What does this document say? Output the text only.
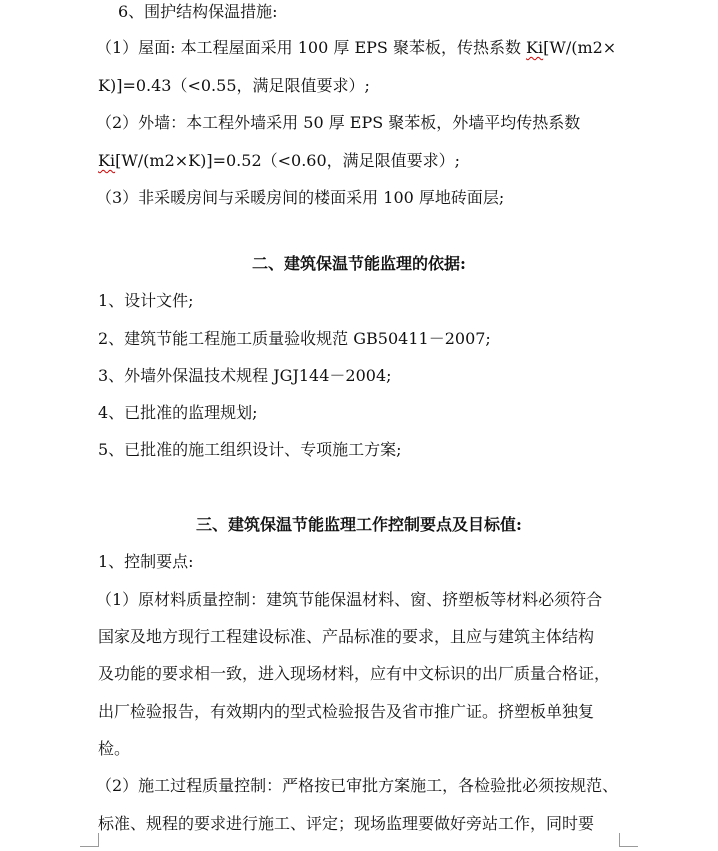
6、围护结构保温措施:
（1）屋面: 本工程屋面采用 100 厚 EPS 聚苯板，传热系数 Ki[W/(m2×
K)]=0.43（<0.55，满足限值要求）;
（2）外墙：本工程外墙采用 50 厚 EPS 聚苯板，外墙平均传热系数
Ki[W/(m2×K)]=0.52（<0.60，满足限值要求）;
（3）非采暖房间与采暖房间的楼面采用 100 厚地砖面层;
二、建筑保温节能监理的依据:
1、设计文件;
2、建筑节能工程施工质量验收规范 GB50411－2007;
3、外墙外保温技术规程 JGJ144－2004;
4、已批准的监理规划;
5、已批准的施工组织设计、专项施工方案;
三、建筑保温节能监理工作控制要点及目标值:
1、控制要点:
（1）原材料质量控制：建筑节能保温材料、窗、挤塑板等材料必须符合
国家及地方现行工程建设标准、产品标准的要求，且应与建筑主体结构
及功能的要求相一致，进入现场材料，应有中文标识的出厂质量合格证，
出厂检验报告，有效期内的型式检验报告及省市推广证。挤塑板单独复
检。
（2）施工过程质量控制：严格按已审批方案施工，各检验批必须按规范、
标准、规程的要求进行施工、评定；现场监理要做好旁站工作，同时要
